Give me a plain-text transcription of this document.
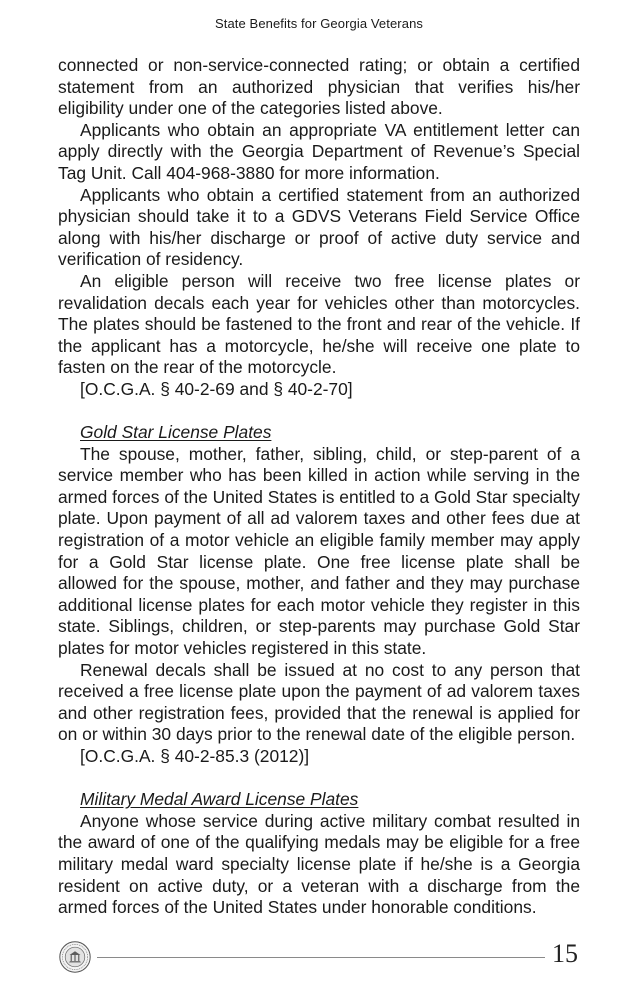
State Benefits for Georgia Veterans

connected or non-service-connected rating; or obtain a certified statement from an authorized physician that verifies his/her eligibility under one of the categories listed above.

Applicants who obtain an appropriate VA entitlement letter can apply directly with the Georgia Department of Revenue’s Special Tag Unit. Call 404-968-3880 for more information.

Applicants who obtain a certified statement from an authorized physician should take it to a GDVS Veterans Field Service Office along with his/her discharge or proof of active duty service and verification of residency.

An eligible person will receive two free license plates or revalidation decals each year for vehicles other than motorcycles. The plates should be fastened to the front and rear of the vehicle. If the applicant has a motorcycle, he/she will receive one plate to fasten on the rear of the motorcycle.

[O.C.G.A. § 40-2-69 and § 40-2-70]

Gold Star License Plates

The spouse, mother, father, sibling, child, or step-parent of a service member who has been killed in action while serving in the armed forces of the United States is entitled to a Gold Star specialty plate. Upon payment of all ad valorem taxes and other fees due at registration of a motor vehicle an eligible family member may apply for a Gold Star license plate. One free license plate shall be allowed for the spouse, mother, and father and they may purchase additional license plates for each motor vehicle they register in this state. Siblings, children, or step-parents may purchase Gold Star plates for motor vehicles registered in this state.

Renewal decals shall be issued at no cost to any person that received a free license plate upon the payment of ad valorem taxes and other registration fees, provided that the renewal is applied for on or within 30 days prior to the renewal date of the eligible person.

[O.C.G.A. § 40-2-85.3 (2012)]

Military Medal Award License Plates

Anyone whose service during active military combat resulted in the award of one of the qualifying medals may be eligible for a free military medal ward specialty license plate if he/she is a Georgia resident on active duty, or a veteran with a discharge from the armed forces of the United States under honorable conditions.

15
